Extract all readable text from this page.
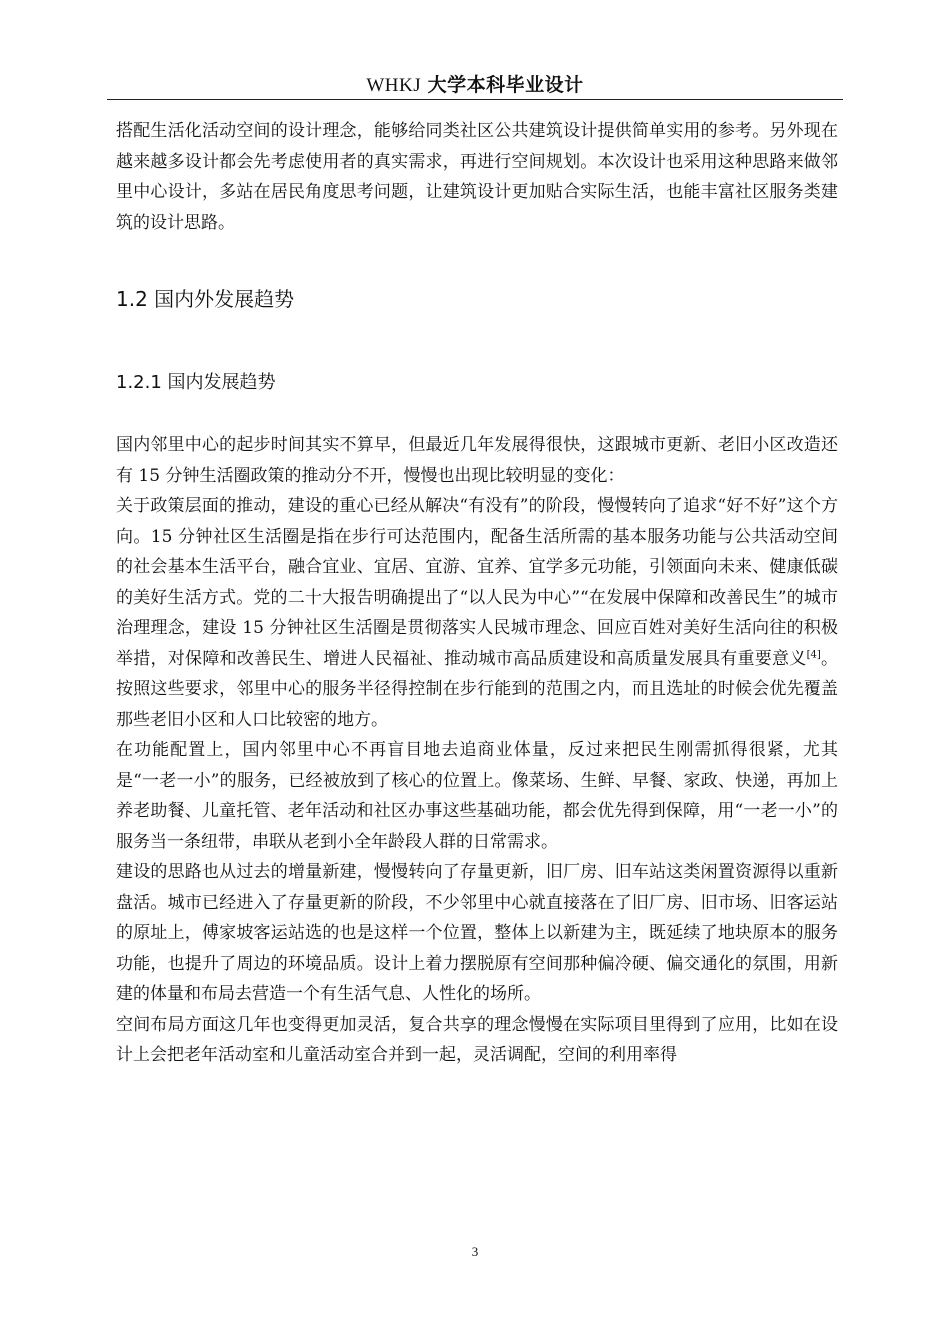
WHKJ 大学本科毕业设计

搭配生活化活动空间的设计理念，能够给同类社区公共建筑设计提供简单实用的参考。另外现在越来越多设计都会先考虑使用者的真实需求，再进行空间规划。本次设计也采用这种思路来做邻里中心设计，多站在居民角度思考问题，让建筑设计更加贴合实际生活，也能丰富社区服务类建筑的设计思路。

1.2 国内外发展趋势

1.2.1 国内发展趋势

国内邻里中心的起步时间其实不算早，但最近几年发展得很快，这跟城市更新、老旧小区改造还有 15 分钟生活圈政策的推动分不开，慢慢也出现比较明显的变化：

关于政策层面的推动，建设的重心已经从解决“有没有”的阶段，慢慢转向了追求“好不好”这个方向。15 分钟社区生活圈是指在步行可达范围内，配备生活所需的基本服务功能与公共活动空间的社会基本生活平台，融合宜业、宜居、宜游、宜养、宜学多元功能，引领面向未来、健康低碳的美好生活方式。党的二十大报告明确提出了“以人民为中心”“在发展中保障和改善民生”的城市治理理念，建设 15 分钟社区生活圈是贯彻落实人民城市理念、回应百姓对美好生活向往的积极举措，对保障和改善民生、增进人民福祉、推动城市高品质建设和高质量发展具有重要意义[4]。按照这些要求，邻里中心的服务半径得控制在步行能到的范围之内，而且选址的时候会优先覆盖那些老旧小区和人口比较密的地方。

在功能配置上，国内邻里中心不再盲目地去追商业体量，反过来把民生刚需抓得很紧，尤其是“一老一小”的服务，已经被放到了核心的位置上。像菜场、生鲜、早餐、家政、快递，再加上养老助餐、儿童托管、老年活动和社区办事这些基础功能，都会优先得到保障，用“一老一小”的服务当一条纽带，串联从老到小全年龄段人群的日常需求。

建设的思路也从过去的增量新建，慢慢转向了存量更新，旧厂房、旧车站这类闲置资源得以重新盘活。城市已经进入了存量更新的阶段，不少邻里中心就直接落在了旧厂房、旧市场、旧客运站的原址上，傅家坡客运站选的也是这样一个位置，整体上以新建为主，既延续了地块原本的服务功能，也提升了周边的环境品质。设计上着力摆脱原有空间那种偏冷硬、偏交通化的氛围，用新建的体量和布局去营造一个有生活气息、人性化的场所。

空间布局方面这几年也变得更加灵活，复合共享的理念慢慢在实际项目里得到了应用，比如在设计上会把老年活动室和儿童活动室合并到一起，灵活调配，空间的利用率得

3
